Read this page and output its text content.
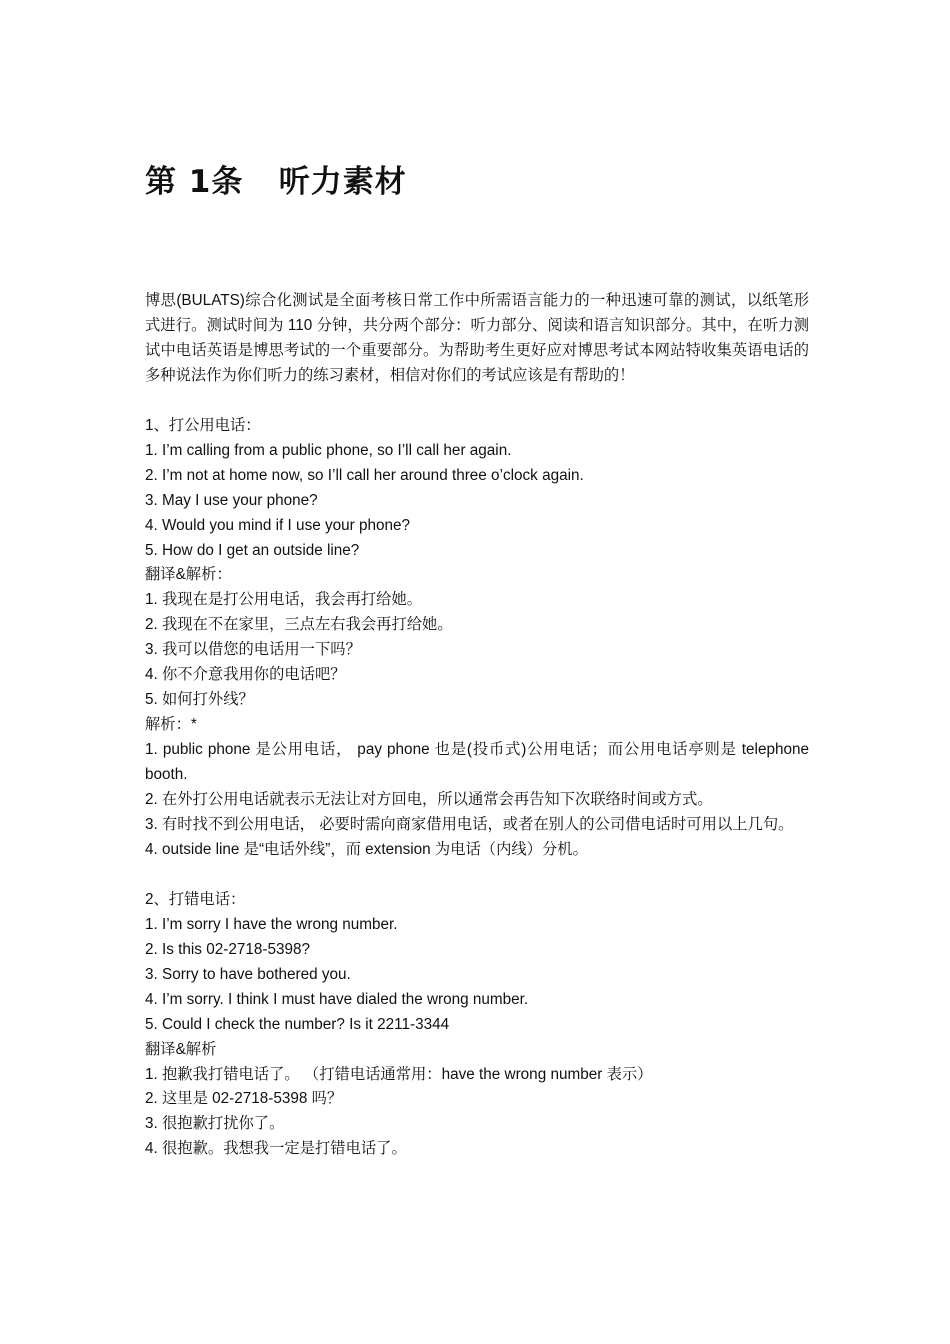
第 1条   听力素材

博思(BULATS)综合化测试是全面考核日常工作中所需语言能力的一种迅速可靠的测试，以纸笔形式进行。测试时间为 110 分钟，共分两个部分：听力部分、阅读和语言知识部分。其中，在听力测试中电话英语是博思考试的一个重要部分。为帮助考生更好应对博思考试本网站特收集英语电话的多种说法作为你们听力的练习素材，相信对你们的考试应该是有帮助的！

1、打公用电话：

1. I’m calling from a public phone, so I’ll call her again.

2. I’m not at home now, so I’ll call her around three o’clock again.

3. May I use your phone?

4. Would you mind if I use your phone?

5. How do I get an outside line?

翻译&解析：

1. 我现在是打公用电话，我会再打给她。

2. 我现在不在家里，三点左右我会再打给她。

3. 我可以借您的电话用一下吗？

4. 你不介意我用你的电话吧？

5. 如何打外线？

解析：*

1. public phone 是公用电话， pay phone 也是(投币式)公用电话；而公用电话亭则是 telephone booth.

2. 在外打公用电话就表示无法让对方回电，所以通常会再告知下次联络时间或方式。

3. 有时找不到公用电话， 必要时需向商家借用电话，或者在别人的公司借电话时可用以上几句。

4. outside line 是“电话外线”，而 extension 为电话（内线）分机。

2、打错电话：

1. I’m sorry I have the wrong number.

2. Is this 02-2718-5398?

3. Sorry to have bothered you.

4. I’m sorry. I think I must have dialed the wrong number.

5. Could I check the number? Is it 2211-3344

翻译&解析

1. 抱歉我打错电话了。 （打错电话通常用：have the wrong number 表示）

2. 这里是 02-2718-5398 吗？

3. 很抱歉打扰你了。

4. 很抱歉。我想我一定是打错电话了。
